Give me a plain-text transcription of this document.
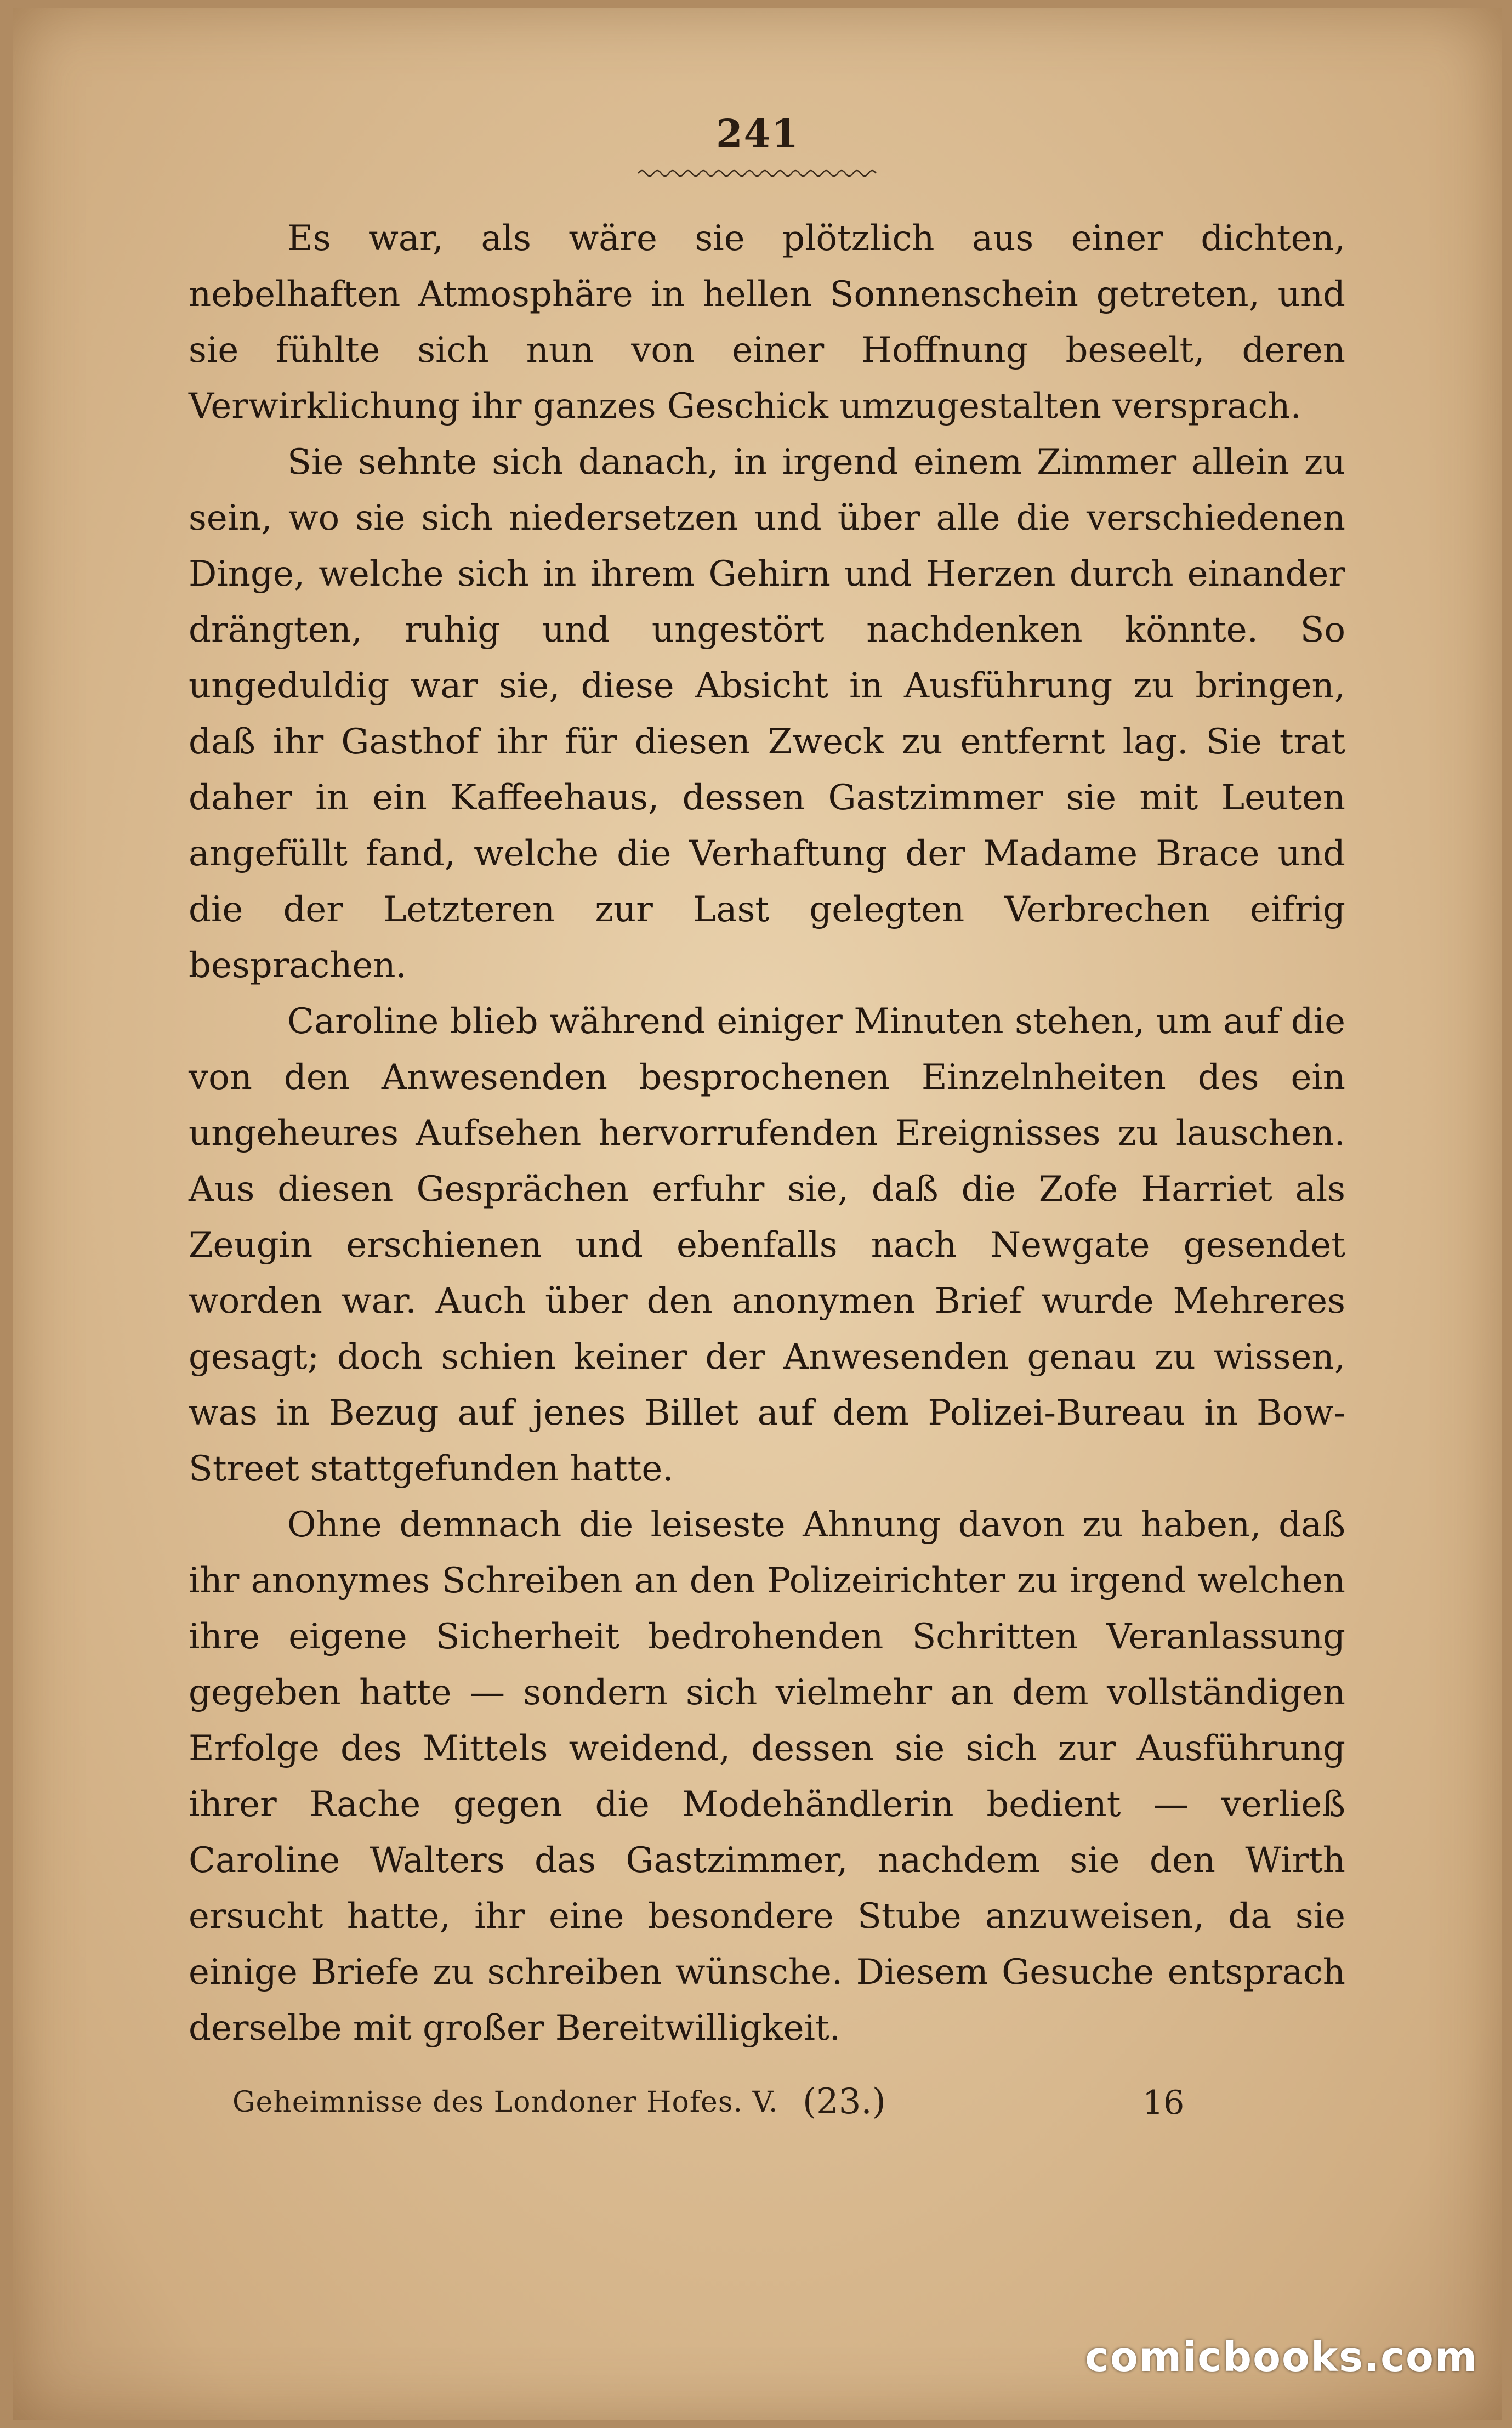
241

Es war, als wäre sie plötzlich aus einer dichten, nebelhaften Atmosphäre in hellen Sonnenschein getreten, und sie fühlte sich nun von einer Hoffnung beseelt, deren Verwirklichung ihr ganzes Geschick umzugestalten versprach.

Sie sehnte sich danach, in irgend einem Zimmer allein zu sein, wo sie sich niedersetzen und über alle die verschiedenen Dinge, welche sich in ihrem Gehirn und Herzen durch einander drängten, ruhig und ungestört nachdenken könnte. So ungeduldig war sie, diese Absicht in Ausführung zu bringen, daß ihr Gasthof ihr für diesen Zweck zu entfernt lag. Sie trat daher in ein Kaffeehaus, dessen Gastzimmer sie mit Leuten angefüllt fand, welche die Verhaftung der Madame Brace und die der Letzteren zur Last gelegten Verbrechen eifrig besprachen.

Caroline blieb während einiger Minuten stehen, um auf die von den Anwesenden besprochenen Einzelnheiten des ein ungeheures Aufsehen hervorrufenden Ereignisses zu lauschen. Aus diesen Gesprächen erfuhr sie, daß die Zofe Harriet als Zeugin erschienen und ebenfalls nach Newgate gesendet worden war. Auch über den anonymen Brief wurde Mehreres gesagt; doch schien keiner der Anwesenden genau zu wissen, was in Bezug auf jenes Billet auf dem Polizei-Bureau in Bow-Street stattgefunden hatte.

Ohne demnach die leiseste Ahnung davon zu haben, daß ihr anonymes Schreiben an den Polizeirichter zu irgend welchen ihre eigene Sicherheit bedrohenden Schritten Veranlassung gegeben hatte — sondern sich vielmehr an dem vollständigen Erfolge des Mittels weidend, dessen sie sich zur Ausführung ihrer Rache gegen die Modehändlerin bedient — verließ Caroline Walters das Gastzimmer, nachdem sie den Wirth ersucht hatte, ihr eine besondere Stube anzuweisen, da sie einige Briefe zu schreiben wünsche. Diesem Gesuche entsprach derselbe mit großer Bereitwilligkeit.

Geheimnisse des Londoner Hofes. V. (23.)	16
comicbooks.com
